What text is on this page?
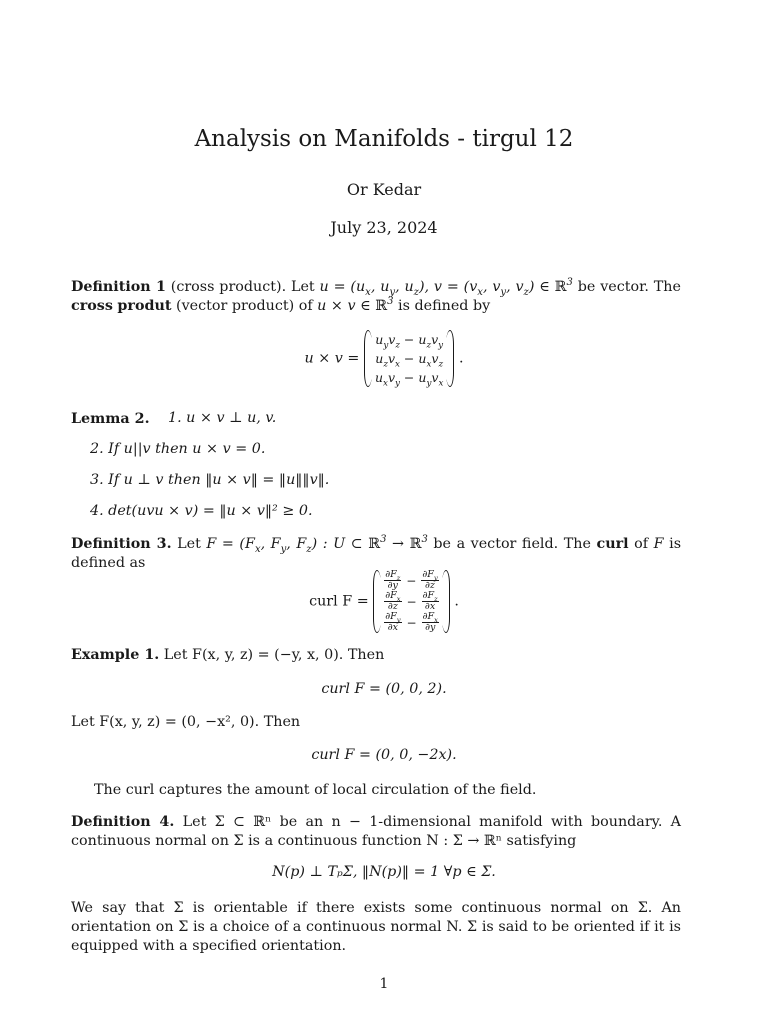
Analysis on Manifolds - tirgul 12
Or Kedar
July 23, 2024
Definition 1 (cross product). Let $u = (u_x$, $u_y$, $u_z$), $v = (v_x$, $v_y$, $v_z$) ∈ ℝ$^3$ be vector. The cross produt (vector product) of u × v ∈ ℝ$^3$ is defined by
u × v =
$u_yv_z - u_zv_y$
$u_zv_x - u_xv_z$
$u_xv_y - u_yv_x$
.
Lemma 2.	1. u × v ⊥ u, v.
2. If u||v then u × v = 0.
3. If u ⊥ v then ‖u × v‖ = ‖u‖‖v‖.
4. det(uvu × v) = ‖u × v‖² ≥ 0.
Definition 3. Let $F = (F_x$, $F_y$, $F_z$) : U ⊂ ℝ$^3$ → ℝ$^3$ be a vector field. The curl of F is defined as
curl F =
$\frac{\partial F_z}{\partial y} - \frac{\partial F_y}{\partial z}$
$\frac{\partial F_x}{\partial z} - \frac{\partial F_z}{\partial x}$
$\frac{\partial F_y}{\partial x} - \frac{\partial F_x}{\partial y}$
.
Example 1. Let F(x, y, z) = (−y, x, 0). Then
curl F = (0, 0, 2).
Let F(x, y, z) = (0, −x², 0). Then
curl F = (0, 0, −2x).
The curl captures the amount of local circulation of the field.
Definition 4. Let Σ ⊂ ℝⁿ be an n − 1-dimensional manifold with boundary. A continuous normal on Σ is a continuous function N : Σ → ℝⁿ satisfying
N(p) ⊥ TₚΣ, ‖N(p)‖ = 1 ∀p ∈ Σ.
We say that Σ is orientable if there exists some continuous normal on Σ. An orientation on Σ is a choice of a continuous normal N. Σ is said to be oriented if it is equipped with a specified orientation.
1
